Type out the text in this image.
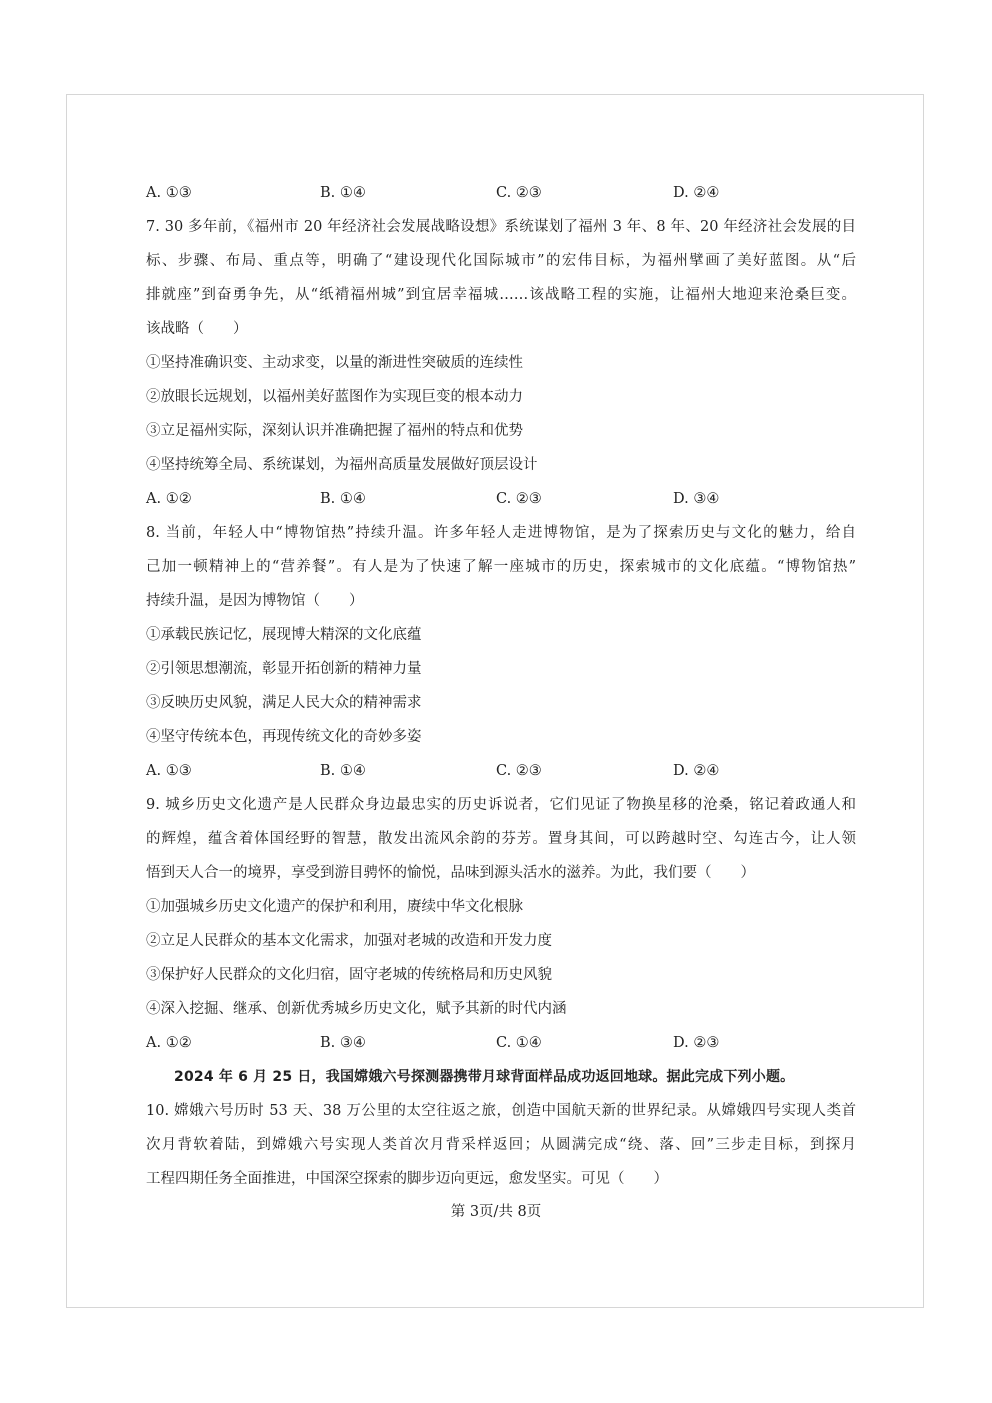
A. ①③	B. ①④	C. ②③	D. ②④
7. 30 多年前，《福州市 20 年经济社会发展战略设想》系统谋划了福州 3 年、8 年、20 年经济社会发展的目
标、步骤、布局、重点等，明确了“建设现代化国际城市”的宏伟目标，为福州擘画了美好蓝图。从“后
排就座”到奋勇争先，从“纸褙福州城”到宜居幸福城……该战略工程的实施，让福州大地迎来沧桑巨变。
该战略（　　）
①坚持准确识变、主动求变，以量的渐进性突破质的连续性
②放眼长远规划，以福州美好蓝图作为实现巨变的根本动力
③立足福州实际，深刻认识并准确把握了福州的特点和优势
④坚持统筹全局、系统谋划，为福州高质量发展做好顶层设计
A. ①②	B. ①④	C. ②③	D. ③④
8. 当前，年轻人中“博物馆热”持续升温。许多年轻人走进博物馆，是为了探索历史与文化的魅力，给自
己加一顿精神上的“营养餐”。有人是为了快速了解一座城市的历史，探索城市的文化底蕴。“博物馆热”
持续升温，是因为博物馆（　　）
①承载民族记忆，展现博大精深的文化底蕴
②引领思想潮流，彰显开拓创新的精神力量
③反映历史风貌，满足人民大众的精神需求
④坚守传统本色，再现传统文化的奇妙多姿
A. ①③	B. ①④	C. ②③	D. ②④
9. 城乡历史文化遗产是人民群众身边最忠实的历史诉说者，它们见证了物换星移的沧桑，铭记着政通人和
的辉煌，蕴含着体国经野的智慧，散发出流风余韵的芬芳。置身其间，可以跨越时空、勾连古今，让人领
悟到天人合一的境界，享受到游目骋怀的愉悦，品味到源头活水的滋养。为此，我们要（　　）
①加强城乡历史文化遗产的保护和利用，赓续中华文化根脉
②立足人民群众的基本文化需求，加强对老城的改造和开发力度
③保护好人民群众的文化归宿，固守老城的传统格局和历史风貌
④深入挖掘、继承、创新优秀城乡历史文化，赋予其新的时代内涵
A. ①②	B. ③④	C. ①④	D. ②③
2024 年 6 月 25 日，我国嫦娥六号探测器携带月球背面样品成功返回地球。据此完成下列小题。
10. 嫦娥六号历时 53 天、38 万公里的太空往返之旅，创造中国航天新的世界纪录。从嫦娥四号实现人类首
次月背软着陆，到嫦娥六号实现人类首次月背采样返回；从圆满完成“绕、落、回”三步走目标，到探月
工程四期任务全面推进，中国深空探索的脚步迈向更远，愈发坚实。可见（　　）
第 3页/共 8页
